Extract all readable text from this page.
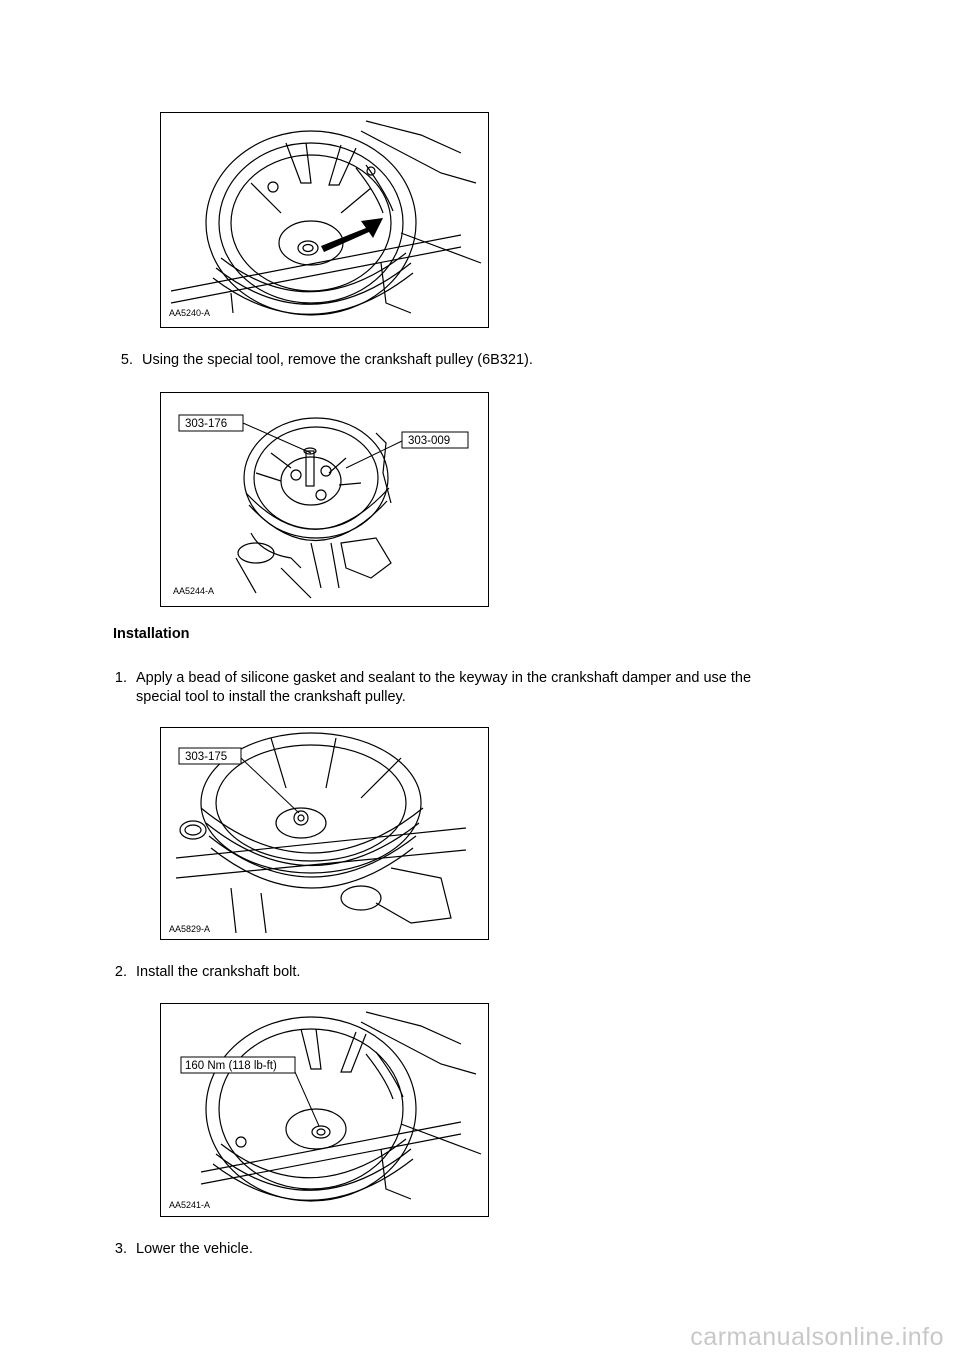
AA5240-A
5. Using the special tool, remove the crankshaft pulley (6B321).
303-176
303-009
AA5244-A
Installation
1. Apply a bead of silicone gasket and sealant to the keyway in the crankshaft damper and use the
special tool to install the crankshaft pulley.
303-175
AA5829-A
2. Install the crankshaft bolt.
160 Nm (118 lb-ft)
AA5241-A
3. Lower the vehicle.
carmanualsonline.info
